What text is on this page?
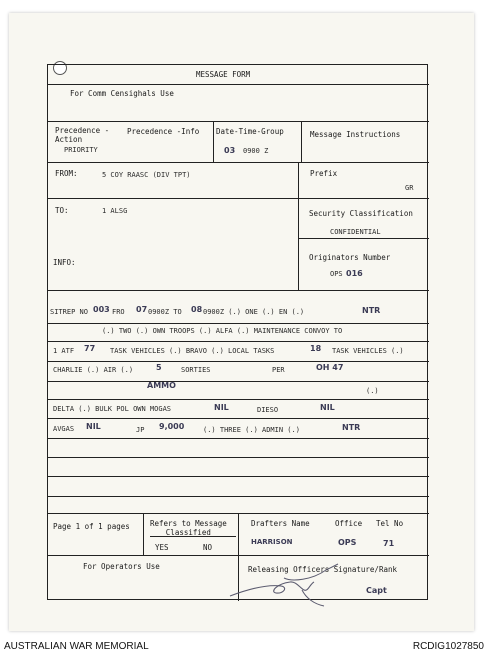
MESSAGE FORM
For Comm Censighals Use
Precedence -
Action
PRIORITY
Precedence -Info Date-Time-Group
03 0900 Z
Message Instructions
FROM:	5 COY RAASC (DIV TPT)	Prefix
GR
TO:	1 ALSG
INFO:
Security Classification
CONFIDENTIAL
Originators Number
OPS 016
SITREP NO 003 FRO 07 0900Z TO 08 0900Z (.) ONE (.) EN (.)	NTR
(.) TWO (.) OWN TROOPS (.) ALFA (.) MAINTENANCE CONVOY TO
1 ATF 77 TASK VEHICLES (.) BRAVO (.) LOCAL TASKS	18 TASK VEHICLES (.)
CHARLIE (.) AIR (.)	5	SORTIES	PER	OH 47
AMMO
(.)
DELTA (.) BULK POL OWN MOGAS	NIL	DIESO	NIL
AVGAS NIL	JP 9,000	(.) THREE (.) ADMIN (.)	NTR
Page 1 of 1 pages	Refers to Message
Classified
YES	NO
Drafters Name
HARRISON
Office
OPS
Tel No
71
For Operators Use	Releasing Officers Signature/Rank
Capt
AUSTRALIAN WAR MEMORIAL	RCDIG1027850
